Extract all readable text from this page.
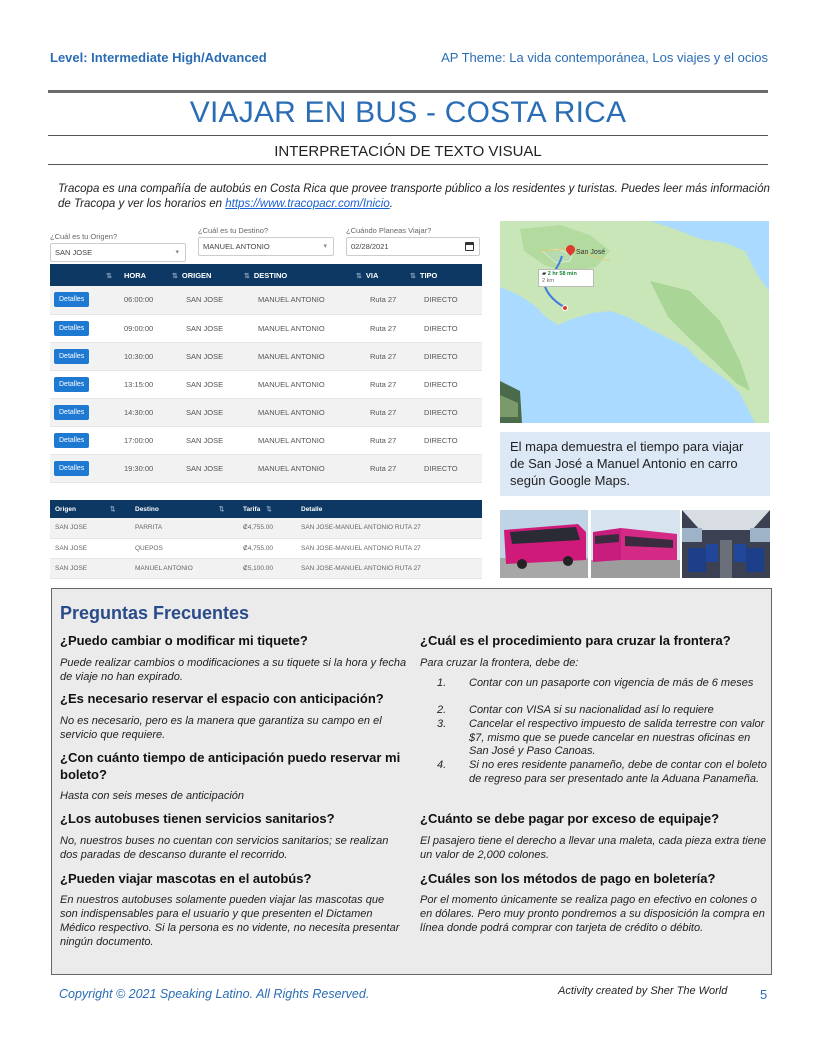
Level: Intermediate High/Advanced	AP Theme: La vida contemporánea, Los viajes y el ocios
VIAJAR EN BUS - COSTA RICA
INTERPRETACIÓN DE TEXTO VISUAL

Tracopa es una compañía de autobús en Costa Rica que provee transporte público a los residentes y turistas. Puedes leer más información de Tracopa y ver los horarios en https://www.tracopacr.com/Inicio.

¿Cuál es tu Origen?
SAN JOSE	▾
¿Cuál es tu Destino?
MANUEL ANTONIO	▾
¿Cuándo Planeas Viajar?
02/28/2021
⇅	HORA	⇅ ORIGEN	⇅ DESTINO	⇅ VIA	⇅ TIPO
Detalles	06:00:00	SAN JOSE	MANUEL ANTONIO	Ruta 27	DIRECTO
Detalles	09:00:00	SAN JOSE	MANUEL ANTONIO	Ruta 27	DIRECTO
Detalles	10:30:00	SAN JOSE	MANUEL ANTONIO	Ruta 27	DIRECTO
Detalles	13:15:00	SAN JOSE	MANUEL ANTONIO	Ruta 27	DIRECTO
Detalles	14:30:00	SAN JOSE	MANUEL ANTONIO	Ruta 27	DIRECTO
Detalles	17:00:00	SAN JOSE	MANUEL ANTONIO	Ruta 27	DIRECTO
Detalles	19:30:00	SAN JOSE	MANUEL ANTONIO	Ruta 27	DIRECTO
Origen ⇅	Destino ⇅	Tarifa ⇅	Detalle
SAN JOSE	PARRITA	₡4,755.00	SAN JOSE-MANUEL ANTONIO RUTA 27
SAN JOSE	QUEPOS	₡4,755.00	SAN JOSE-MANUEL ANTONIO RUTA 27
SAN JOSE	MANUEL ANTONIO	₡5,100.00	SAN JOSE-MANUEL ANTONIO RUTA 27
San José
▰ 2 hr 58 min
2 km
El mapa demuestra el tiempo para viajar de San José a Manuel Antonio en carro según Google Maps.
Preguntas Frecuentes
¿Puedo cambiar o modificar mi tiquete?
Puede realizar cambios o modificaciones a su tiquete si la hora y fecha de viaje no han expirado.
¿Es necesario reservar el espacio con anticipación?
No es necesario, pero es la manera que garantiza su campo en el servicio que requiere.
¿Con cuánto tiempo de anticipación puedo reservar mi boleto?
Hasta con seis meses de anticipación
¿Los autobuses tienen servicios sanitarios?
No, nuestros buses no cuentan con servicios sanitarios; se realizan dos paradas de descanso durante el recorrido.
¿Pueden viajar mascotas en el autobús?
En nuestros autobuses solamente pueden viajar las mascotas que son indispensables para el usuario y que presenten el Dictamen Médico respectivo. Si la persona es no vidente, no necesita presentar ningún documento.
¿Cuál es el procedimiento para cruzar la frontera?
Para cruzar la frontera, debe de:
1. Contar con un pasaporte con vigencia de más de 6 meses
2. Contar con VISA si su nacionalidad así lo requiere
3. Cancelar el respectivo impuesto de salida terrestre con valor $7, mismo que se puede cancelar en nuestras oficinas en San José y Paso Canoas.
4. Si no eres residente panameño, debe de contar con el boleto de regreso para ser presentado ante la Aduana Panameña.
¿Cuánto se debe pagar por exceso de equipaje?
El pasajero tiene el derecho a llevar una maleta, cada pieza extra tiene un valor de 2,000 colones.
¿Cuáles son los métodos de pago en boletería?
Por el momento únicamente se realiza pago en efectivo en colones o en dólares. Pero muy pronto pondremos a su disposición la compra en línea donde podrá comprar con tarjeta de crédito o débito.
Copyright © 2021 Speaking Latino. All Rights Reserved.	Activity created by Sher The World	5
